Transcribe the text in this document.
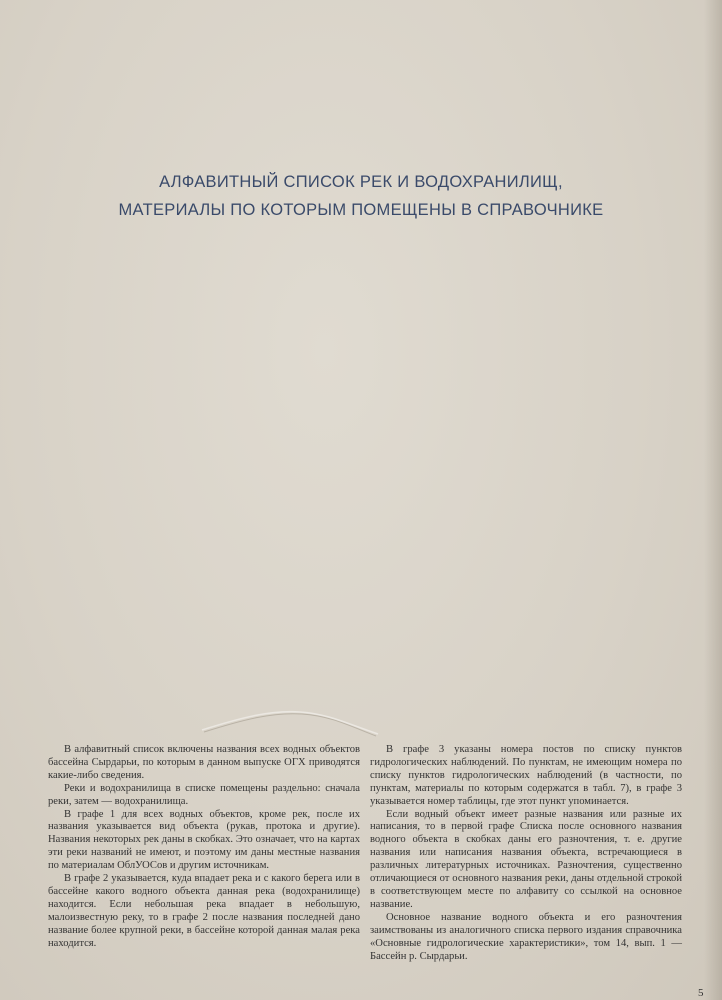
АЛФАВИТНЫЙ СПИСОК РЕК И ВОДОХРАНИЛИЩ,
МАТЕРИАЛЫ ПО КОТОРЫМ ПОМЕЩЕНЫ В СПРАВОЧНИКЕ

В алфавитный список включены названия всех водных объектов бассейна Сырдарьи, по которым в данном выпуске ОГХ приводятся какие-либо сведения.

Реки и водохранилища в списке помещены раздельно: сначала реки, затем — водохранилища.

В графе 1 для всех водных объектов, кроме рек, после их названия указывается вид объекта (рукав, протока и другие). Названия некоторых рек даны в скобках. Это означает, что на картах эти реки названий не имеют, и поэтому им даны местные названия по материалам ОблУОСов и другим источникам.

В графе 2 указывается, куда впадает река и с какого берега или в бассейне какого водного объекта данная река (водохранилище) находится. Если небольшая река впадает в небольшую, малоизвестную реку, то в графе 2 после названия последней дано название более крупной реки, в бассейне которой данная малая река находится.

В графе 3 указаны номера постов по списку пунктов гидрологических наблюдений. По пунктам, не имеющим номера по списку пунктов гидрологических наблюдений (в частности, по пунктам, материалы по которым содержатся в табл. 7), в графе 3 указывается номер таблицы, где этот пункт упоминается.

Если водный объект имеет разные названия или разные их написания, то в первой графе Списка после основного названия водного объекта в скобках даны его разночтения, т. е. другие названия или написания названия объекта, встречающиеся в различных литературных источниках. Разночтения, существенно отличающиеся от основного названия реки, даны отдельной строкой в соответствующем месте по алфавиту со ссылкой на основное название.

Основное название водного объекта и его разночтения заимствованы из аналогичного списка первого издания справочника «Основные гидрологические характеристики», том 14, вып. 1 — Бассейн р. Сырдарьи.

5
